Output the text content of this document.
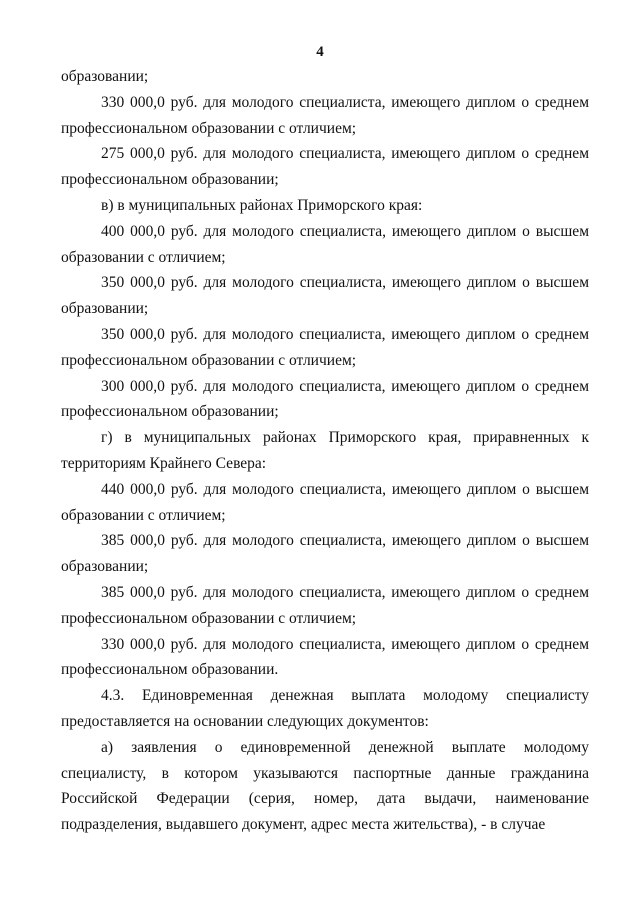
4

образовании;

330 000,0 руб. для молодого специалиста, имеющего диплом о среднем профессиональном образовании с отличием;

275 000,0 руб. для молодого специалиста, имеющего диплом о среднем профессиональном образовании;

в) в муниципальных районах Приморского края:

400 000,0 руб. для молодого специалиста, имеющего диплом о высшем образовании с отличием;

350 000,0 руб. для молодого специалиста, имеющего диплом о высшем образовании;

350 000,0 руб. для молодого специалиста, имеющего диплом о среднем профессиональном образовании с отличием;

300 000,0 руб. для молодого специалиста, имеющего диплом о среднем профессиональном образовании;

г) в муниципальных районах Приморского края, приравненных к территориям Крайнего Севера:

440 000,0 руб. для молодого специалиста, имеющего диплом о высшем образовании с отличием;

385 000,0 руб. для молодого специалиста, имеющего диплом о высшем образовании;

385 000,0 руб. для молодого специалиста, имеющего диплом о среднем профессиональном образовании с отличием;

330 000,0 руб. для молодого специалиста, имеющего диплом о среднем профессиональном образовании.

4.3. Единовременная денежная выплата молодому специалисту предоставляется на основании следующих документов:

а) заявления о единовременной денежной выплате молодому специалисту, в котором указываются паспортные данные гражданина Российской Федерации (серия, номер, дата выдачи, наименование подразделения, выдавшего документ, адрес места жительства), - в случае
